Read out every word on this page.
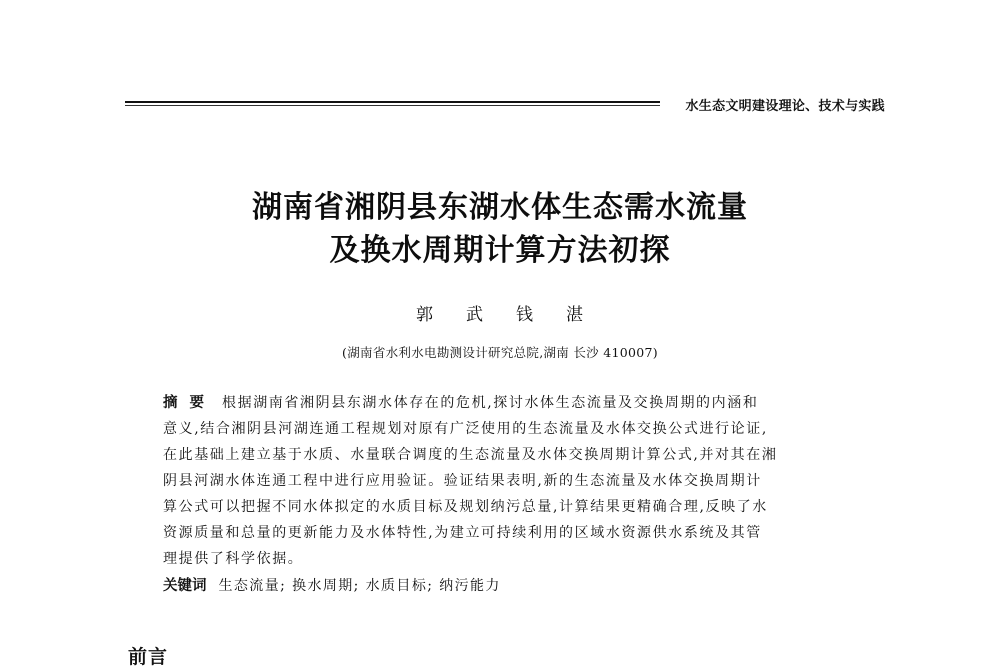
水生态文明建设理论、技术与实践
湖南省湘阴县东湖水体生态需水流量
及换水周期计算方法初探
郭 武 钱 湛
(湖南省水利水电勘测设计研究总院,湖南 长沙 410007)
摘要 根据湖南省湘阴县东湖水体存在的危机,探讨水体生态流量及交换周期的内涵和
意义,结合湘阴县河湖连通工程规划对原有广泛使用的生态流量及水体交换公式进行论证,
在此基础上建立基于水质、水量联合调度的生态流量及水体交换周期计算公式,并对其在湘
阴县河湖水体连通工程中进行应用验证。验证结果表明,新的生态流量及水体交换周期计
算公式可以把握不同水体拟定的水质目标及规划纳污总量,计算结果更精确合理,反映了水
资源质量和总量的更新能力及水体特性,为建立可持续利用的区域水资源供水系统及其管
理提供了科学依据。
关键词 生态流量; 换水周期; 水质目标; 纳污能力
前言
